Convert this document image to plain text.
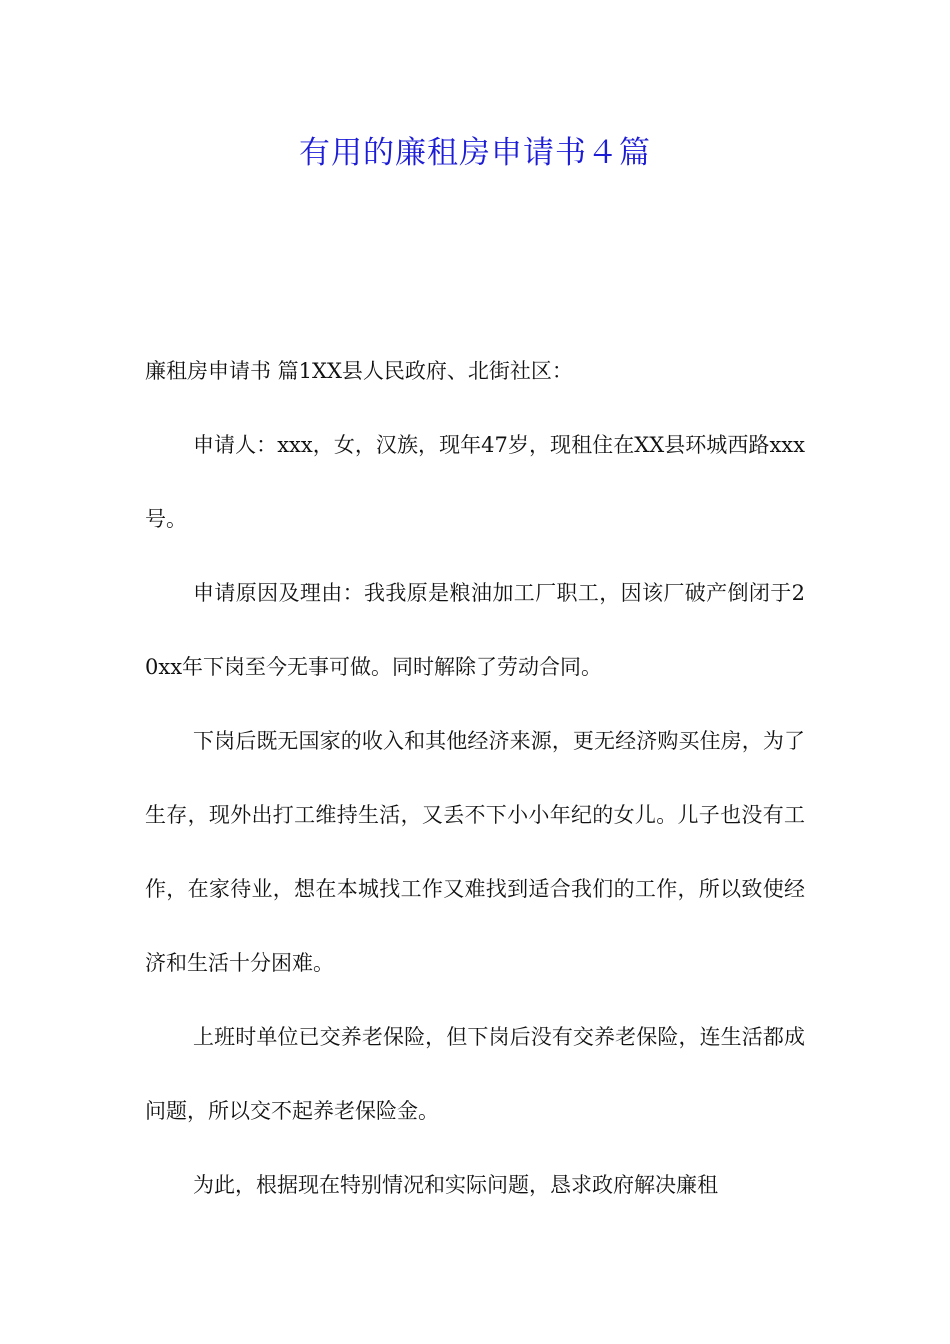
有用的廉租房申请书４篇

廉租房申请书 篇1XX县人民政府、北街社区：

申请人：xxx，女，汉族，现年47岁，现租住在XX县环城西路xxx号。

申请原因及理由：我我原是粮油加工厂职工，因该厂破产倒闭于20xx年下岗至今无事可做。同时解除了劳动合同。

下岗后既无国家的收入和其他经济来源，更无经济购买住房，为了生存，现外出打工维持生活，又丢不下小小年纪的女儿。儿子也没有工作，在家待业，想在本城找工作又难找到适合我们的工作，所以致使经济和生活十分困难。

上班时单位已交养老保险，但下岗后没有交养老保险，连生活都成问题，所以交不起养老保险金。

为此，根据现在特别情况和实际问题，恳求政府解决廉租
